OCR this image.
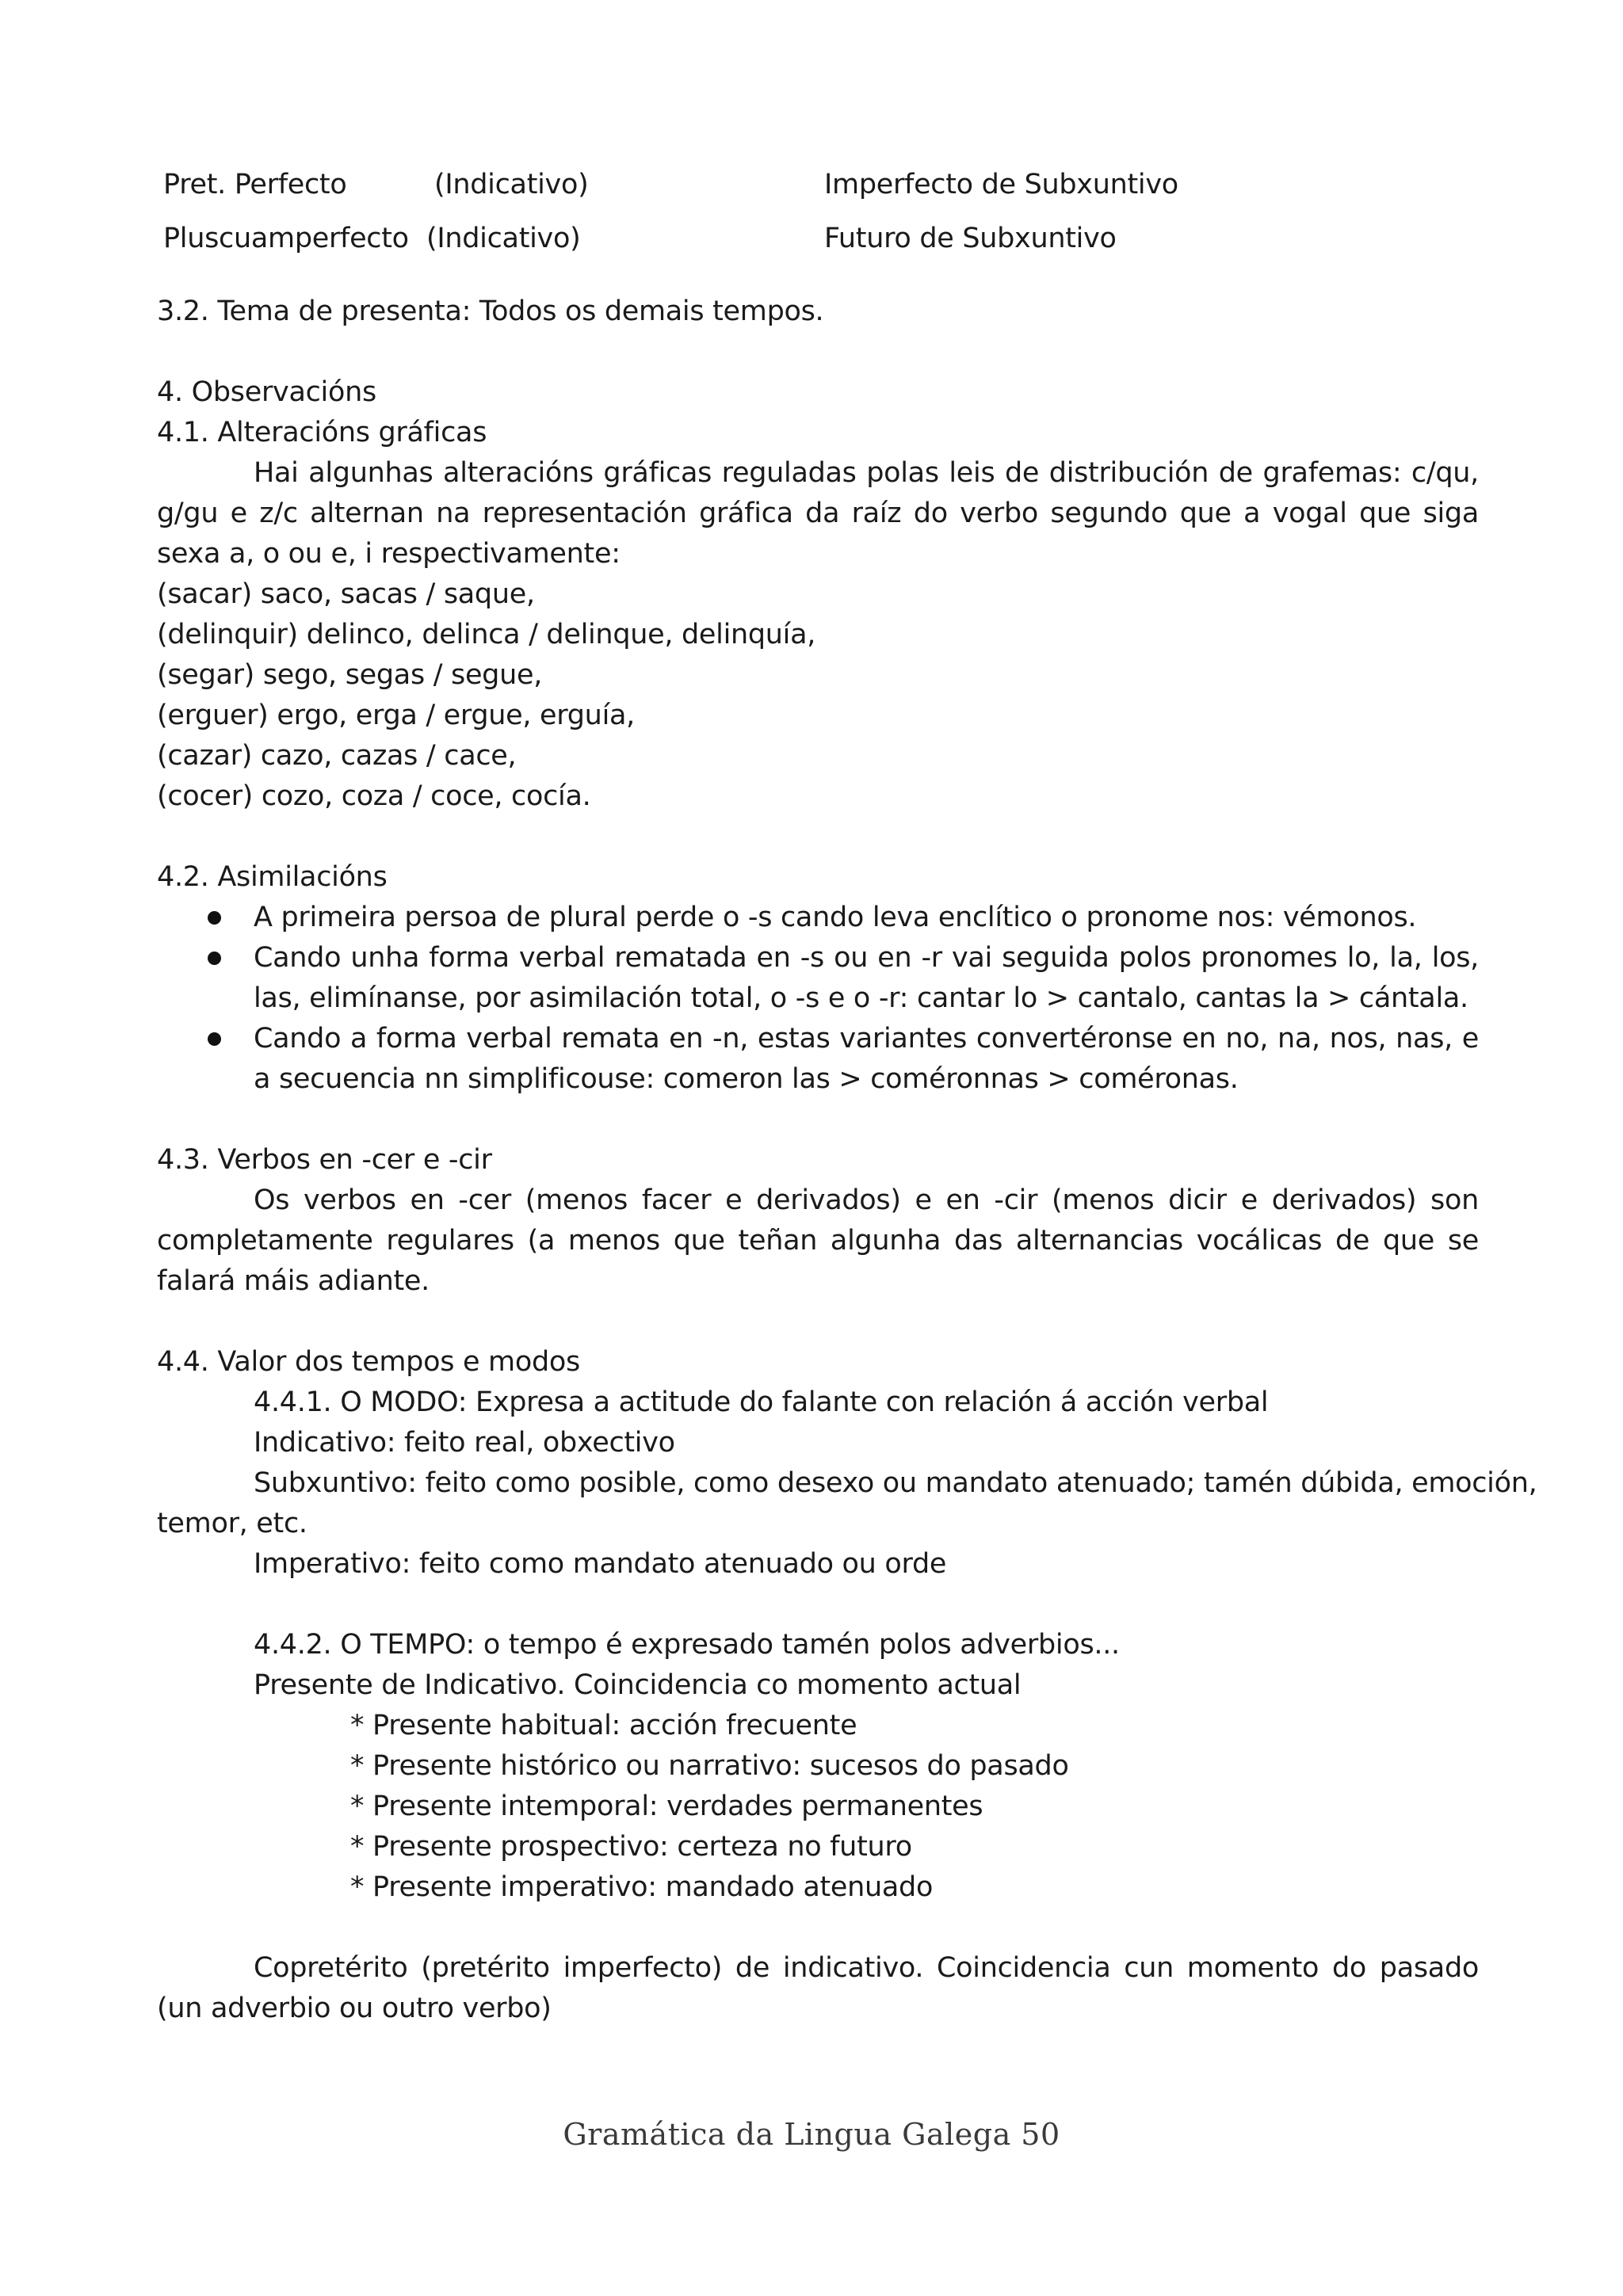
Pret. Perfecto	(Indicativo)	Imperfecto de Subxuntivo
Pluscuamperfecto (Indicativo)	Futuro de Subxuntivo
3.2. Tema de presenta: Todos os demais tempos.
4. Observacións
4.1. Alteracións gráficas
Hai algunhas alteracións gráficas reguladas polas leis de distribución de grafemas: c/qu, g/gu e z/c alternan na representación gráfica da raíz do verbo segundo que a vogal que siga sexa a, o ou e, i respectivamente:
(sacar) saco, sacas / saque,
(delinquir) delinco, delinca / delinque, delinquía,
(segar) sego, segas / segue,
(erguer) ergo, erga / ergue, erguía,
(cazar) cazo, cazas / cace,
(cocer) cozo, coza / coce, cocía.
4.2. Asimilacións
A primeira persoa de plural perde o -s cando leva enclítico o pronome nos: vémonos.
Cando unha forma verbal rematada en -s ou en -r vai seguida polos pronomes lo, la, los, las, elimínanse, por asimilación total, o -s e o -r: cantar lo > cantalo, cantas la > cántala.
Cando a forma verbal remata en -n, estas variantes convertéronse en no, na, nos, nas, e a secuencia nn simplificouse: comeron las > coméronnas > coméronas.
4.3. Verbos en -cer e -cir
Os verbos en -cer (menos facer e derivados) e en -cir (menos dicir e derivados) son completamente regulares (a menos que teñan algunha das alternancias vocálicas de que se falará máis adiante.
4.4. Valor dos tempos e modos
4.4.1. O MODO: Expresa a actitude do falante con relación á acción verbal
Indicativo: feito real, obxectivo
Subxuntivo: feito como posible, como desexo ou mandato atenuado; tamén dúbida, emoción,
temor, etc.
Imperativo: feito como mandato atenuado ou orde
4.4.2. O TEMPO: o tempo é expresado tamén polos adverbios...
Presente de Indicativo. Coincidencia co momento actual
* Presente habitual: acción frecuente
* Presente histórico ou narrativo: sucesos do pasado
* Presente intemporal: verdades permanentes
* Presente prospectivo: certeza no futuro
* Presente imperativo: mandado atenuado
Copretérito (pretérito imperfecto) de indicativo. Coincidencia cun momento do pasado (un adverbio ou outro verbo)
Gramática da Lingua Galega 50
